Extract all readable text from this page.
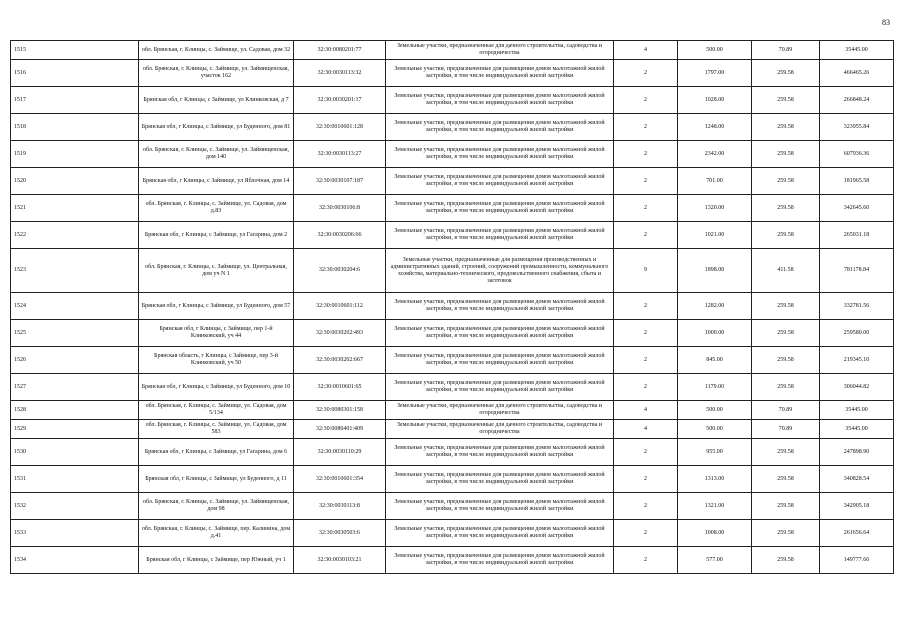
83
1515	обл. Брянская, г. Клинцы, с. Займище, ул. Садовая, дом 32	32:30:0080201:77	Земельные участки, предназначенные для дачного строительства, садоводства и огородничества	4	500.00	70.89	35445.00
1516	обл. Брянская, г. Клинцы, с. Займище, ул. Займищенская, участок 162	32:30:0030113:32	Земельные участки, предназначенные для размещения домов малоэтажной жилой застройки, в том числе индивидуальной жилой застройки	2	1797.00	259.58	466465.26
1517	Брянская обл, г Клинцы, с Займище, ул Клинковская, д 7	32:30:0030201:17	Земельные участки, предназначенные для размещения домов малоэтажной жилой застройки, в том числе индивидуальной жилой застройки	2	1028.00	259.58	266848.24
1518	Брянская обл, г Клинцы, с Займище, ул Буденного, дом 81	32:30:0010601:128	Земельные участки, предназначенные для размещения домов малоэтажной жилой застройки, в том числе индивидуальной жилой застройки	2	1248.00	259.58	323955.84
1519	обл. Брянская, г. Клинцы, с. Займище, ул. Займищенская, дом 140	32:30:0030113:27	Земельные участки, предназначенные для размещения домов малоэтажной жилой застройки, в том числе индивидуальной жилой застройки	2	2342.00	259.58	607936.36
1520	Брянская обл, г Клинцы, с Займище, ул Яблочная, дом 14	32:30:0030107:187	Земельные участки, предназначенные для размещения домов малоэтажной жилой застройки, в том числе индивидуальной жилой застройки	2	701.00	259.58	181965.58
1521	обл. Брянская, г. Клинцы, с. Займище, ул. Садовая, дом д.83	32:30:0030106:8	Земельные участки, предназначенные для размещения домов малоэтажной жилой застройки, в том числе индивидуальной жилой застройки	2	1320.00	259.58	342645.60
1522	Брянская обл, г Клинцы, с Займище, ул Гагарина, дом 2	32:30:0030206:66	Земельные участки, предназначенные для размещения домов малоэтажной жилой застройки, в том числе индивидуальной жилой застройки	2	1021.00	259.58	265031.18
1523	обл. Брянская, г. Клинцы, с. Займище, ул. Центральная, дом уч N 1	32:30:0030204:6	Земельные участки, предназначенные для размещения производственных и административных зданий, строений, сооружений промышленности, коммунального хозяйства, материально-технического, продовольственного снабжения, сбыта и заготовок	9	1898.00	411.58	781178.84
1524	Брянская обл, г Клинцы, с Займище, ул Буденного, дом 57	32:30:0010601:112	Земельные участки, предназначенные для размещения домов малоэтажной жилой застройки, в том числе индивидуальной жилой застройки	2	1282.00	259.58	332781.56
1525	Брянская обл, г Клинцы, с Займище, пер 1-й Клинковский, уч 44	32:30:0030202:493	Земельные участки, предназначенные для размещения домов малоэтажной жилой застройки, в том числе индивидуальной жилой застройки	2	1000.00	259.58	259580.00
1526	Брянская область, г Клинцы, с Займище, пер 3-й Клинковский, уч 50	32:30:0030202:667	Земельные участки, предназначенные для размещения домов малоэтажной жилой застройки, в том числе индивидуальной жилой застройки	2	845.00	259.58	219345.10
1527	Брянская обл, г Клинцы, с Займище, ул Буденного, дом 10	32:30:0010601:65	Земельные участки, предназначенные для размещения домов малоэтажной жилой застройки, в том числе индивидуальной жилой застройки	2	1179.00	259.58	306044.82
1528	обл. Брянская, г. Клинцы, с. Займище, ул. Садовая, дом 5/134	32:30:0080301:158	Земельные участки, предназначенные для дачного строительства, садоводства и огородничества	4	500.00	70.89	35445.00
1529	обл. Брянская, г. Клинцы, с. Займище, ул. Садовая, дом 583	32:30:0080401:409	Земельные участки, предназначенные для дачного строительства, садоводства и огородничества	4	500.00	70.89	35445.00
1530	Брянская обл, г Клинцы, с Займище, ул Гагарина, дом 6	32:30:0030110:29	Земельные участки, предназначенные для размещения домов малоэтажной жилой застройки, в том числе индивидуальной жилой застройки	2	955.00	259.58	247898.90
1531	Брянская обл, г Клинцы, с Займище, ул Буденного, д 11	32:30:0010601:354	Земельные участки, предназначенные для размещения домов малоэтажной жилой застройки, в том числе индивидуальной жилой застройки	2	1313.00	259.58	340828.54
1532	обл. Брянская, г. Клинцы, с. Займище, ул. Займищенская, дом 98	32:30:0030113:8	Земельные участки, предназначенные для размещения домов малоэтажной жилой застройки, в том числе индивидуальной жилой застройки	2	1321.00	259.58	342905.18
1533	обл. Брянская, г. Клинцы, с. Займище, пер. Калинина, дом д.41	32:30:0030503:6	Земельные участки, предназначенные для размещения домов малоэтажной жилой застройки, в том числе индивидуальной жилой застройки	2	1008.00	259.58	261656.64
1534	Брянская обл, г Клинцы, с Займище, пер Южный, уч 1	32:30:0030103:21	Земельные участки, предназначенные для размещения домов малоэтажной жилой застройки, в том числе индивидуальной жилой застройки	2	577.00	259.58	149777.66
